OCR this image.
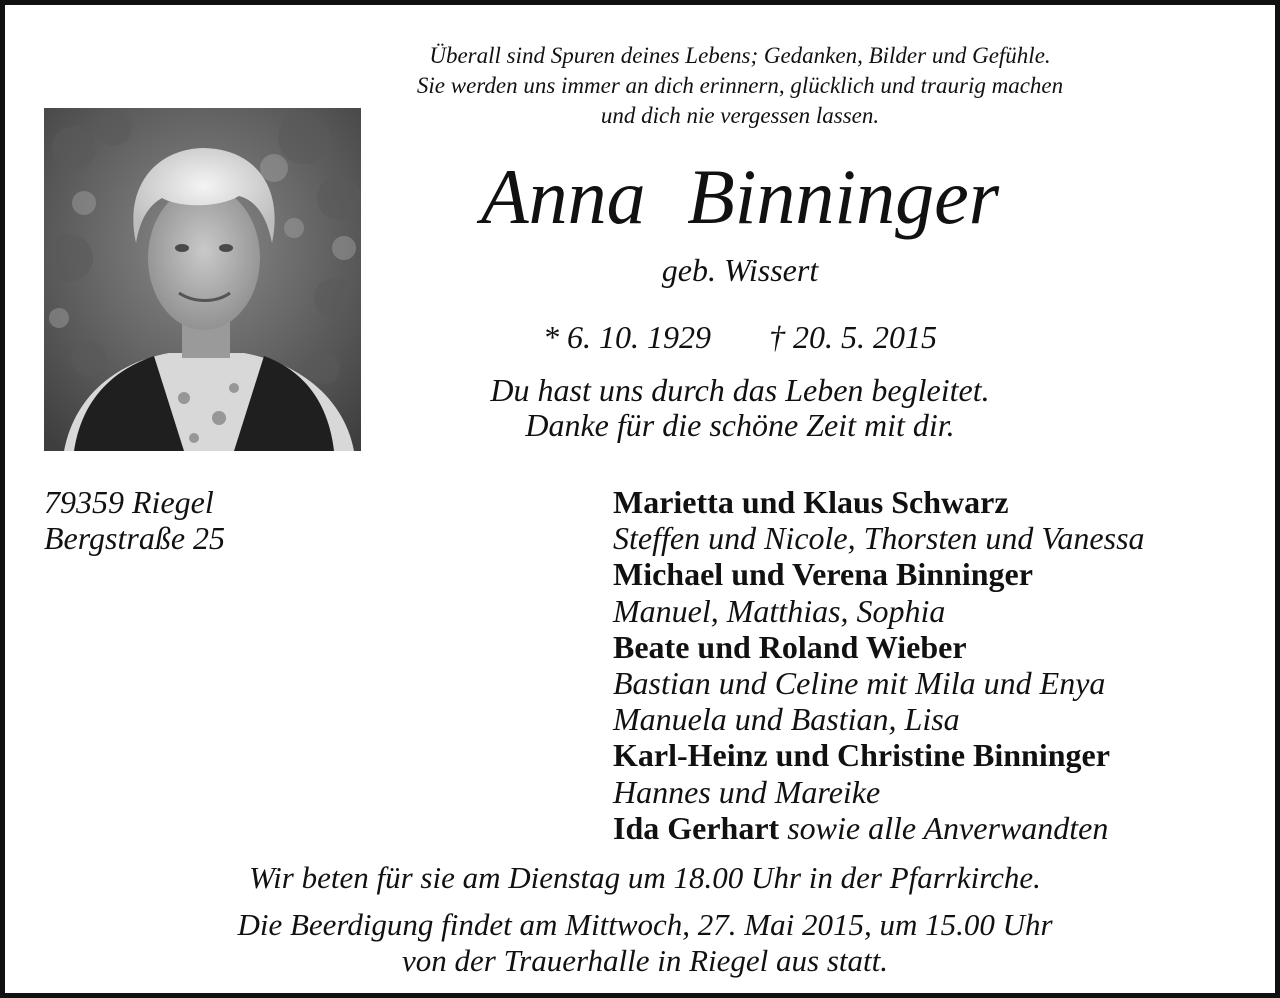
Überall sind Spuren deines Lebens; Gedanken, Bilder und Gefühle.
Sie werden uns immer an dich erinnern, glücklich und traurig machen
und dich nie vergessen lassen.
Anna Binninger
geb. Wissert
* 6. 10. 1929 † 20. 5. 2015
Du hast uns durch das Leben begleitet.
Danke für die schöne Zeit mit dir.
79359 Riegel
Bergstraße 25
Marietta und Klaus Schwarz
Steffen und Nicole, Thorsten und Vanessa
Michael und Verena Binninger
Manuel, Matthias, Sophia
Beate und Roland Wieber
Bastian und Celine mit Mila und Enya
Manuela und Bastian, Lisa
Karl-Heinz und Christine Binninger
Hannes und Mareike
Ida Gerhart sowie alle Anverwandten
Wir beten für sie am Dienstag um 18.00 Uhr in der Pfarrkirche.
Die Beerdigung findet am Mittwoch, 27. Mai 2015, um 15.00 Uhr
von der Trauerhalle in Riegel aus statt.
